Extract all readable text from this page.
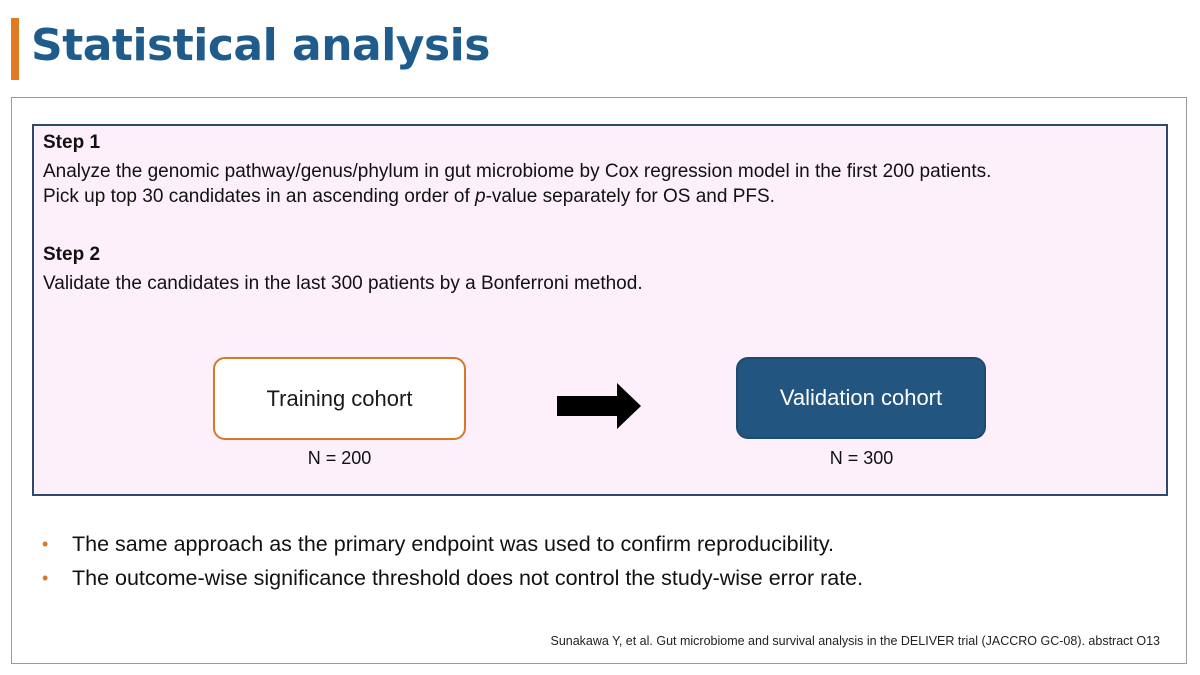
Statistical analysis
Step 1
Analyze the genomic pathway/genus/phylum in gut microbiome by Cox regression model in the first 200 patients.
Pick up top 30 candidates in an ascending order of p-value separately for OS and PFS.
Step 2
Validate the candidates in the last 300 patients by a Bonferroni method.
Training cohort
N = 200
Validation cohort
N = 300
• The same approach as the primary endpoint was used to confirm reproducibility.
• The outcome-wise significance threshold does not control the study-wise error rate.
Sunakawa Y, et al. Gut microbiome and survival analysis in the DELIVER trial (JACCRO GC-08). abstract O13
